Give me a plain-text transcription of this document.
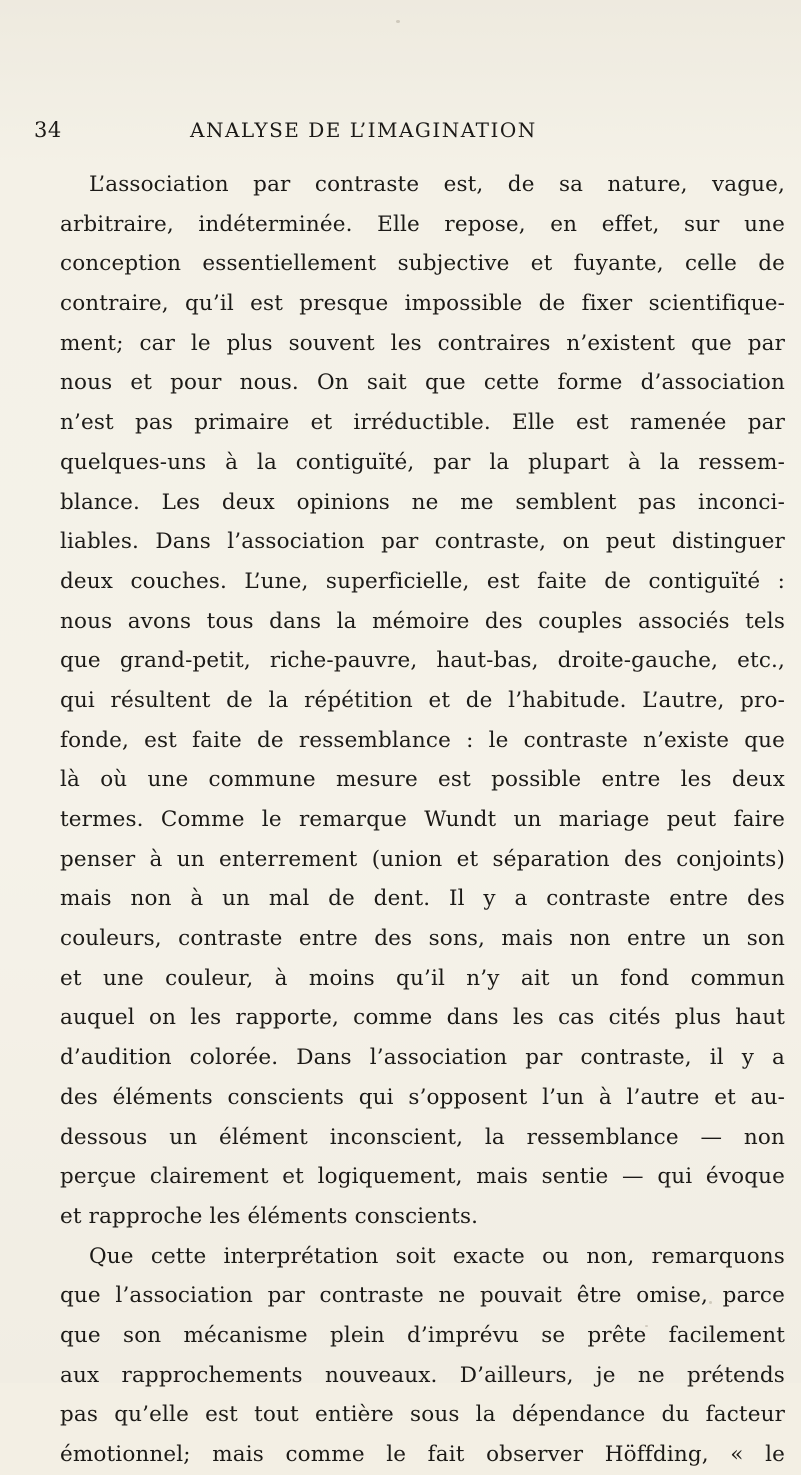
34	ANALYSE DE L’IMAGINATION
L’association par contraste est, de sa nature, vague,
arbitraire, indéterminée. Elle repose, en effet, sur une
conception essentiellement subjective et fuyante, celle de
contraire, qu’il est presque impossible de fixer scientifique-
ment; car le plus souvent les contraires n’existent que par
nous et pour nous. On sait que cette forme d’association
n’est pas primaire et irréductible. Elle est ramenée par
quelques-uns à la contiguïté, par la plupart à la ressem-
blance. Les deux opinions ne me semblent pas inconci-
liables. Dans l’association par contraste, on peut distinguer
deux couches. L’une, superficielle, est faite de contiguïté :
nous avons tous dans la mémoire des couples associés tels
que grand-petit, riche-pauvre, haut-bas, droite-gauche, etc.,
qui résultent de la répétition et de l’habitude. L’autre, pro-
fonde, est faite de ressemblance : le contraste n’existe que
là où une commune mesure est possible entre les deux
termes. Comme le remarque Wundt un mariage peut faire
penser à un enterrement (union et séparation des conjoints)
mais non à un mal de dent. Il y a contraste entre des
couleurs, contraste entre des sons, mais non entre un son
et une couleur, à moins qu’il n’y ait un fond commun
auquel on les rapporte, comme dans les cas cités plus haut
d’audition colorée. Dans l’association par contraste, il y a
des éléments conscients qui s’opposent l’un à l’autre et au-
dessous un élément inconscient, la ressemblance — non
perçue clairement et logiquement, mais sentie — qui évoque
et rapproche les éléments conscients.
Que cette interprétation soit exacte ou non, remarquons
que l’association par contraste ne pouvait être omise, parce
que son mécanisme plein d’imprévu se prête facilement
aux rapprochements nouveaux. D’ailleurs, je ne prétends
pas qu’elle est tout entière sous la dépendance du facteur
émotionnel; mais comme le fait observer Höffding, « le
